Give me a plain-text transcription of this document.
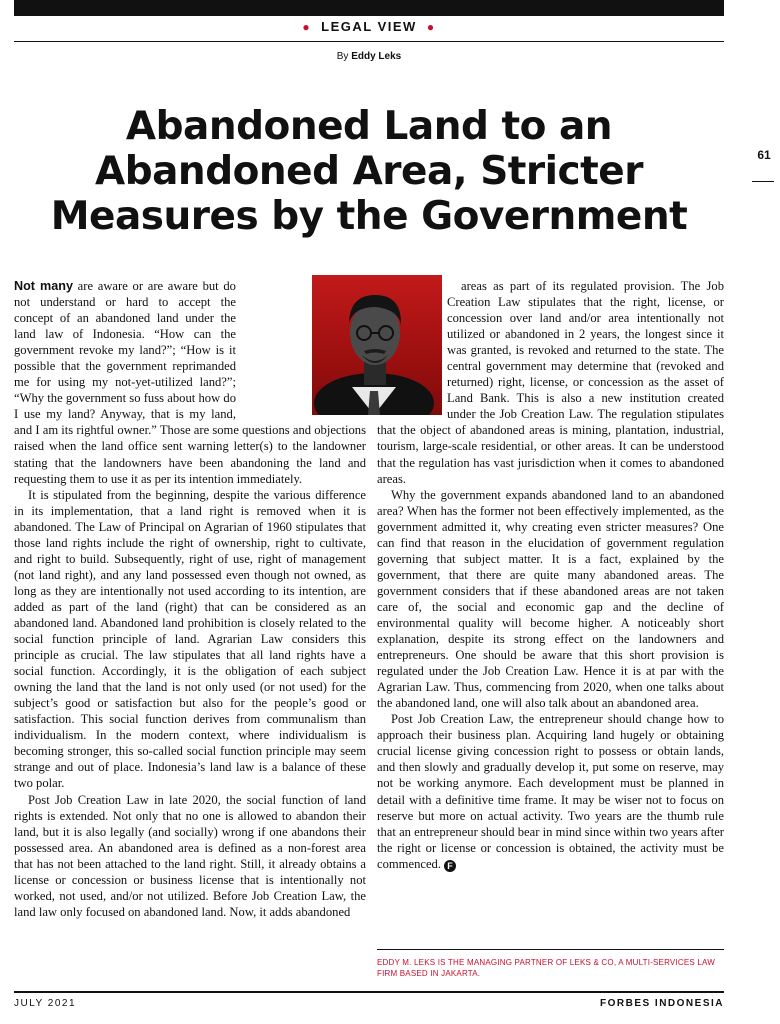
● LEGAL VIEW ●
By Eddy Leks
Abandoned Land to an Abandoned Area, Stricter Measures by the Government
61

Not many are aware or are aware but do not understand or hard to accept the concept of an abandoned land under the land law of Indonesia. “How can the government revoke my land?”; “How is it possible that the government reprimanded me for using my not-yet-utilized land?”; “Why the government so fuss about how do I use my land? Anyway, that is my land, and I am its rightful owner.” Those are some questions and objections raised when the land office sent warning letter(s) to the landowner stating that the landowners have been abandoning the land and requesting them to use it as per its intention immediately.

It is stipulated from the beginning, despite the various difference in its implementation, that a land right is removed when it is abandoned. The Law of Principal on Agrarian of 1960 stipulates that those land rights include the right of ownership, right to cultivate, and right to build. Subsequently, right of use, right of management (not land right), and any land possessed even though not owned, as long as they are intentionally not used according to its intention, are added as part of the land (right) that can be considered as an abandoned land. Abandoned land prohibition is closely related to the social function principle of land. Agrarian Law considers this principle as crucial. The law stipulates that all land rights have a social function. Accordingly, it is the obligation of each subject owning the land that the land is not only used (or not used) for the subject’s good or satisfaction but also for the people’s good or satisfaction. This social function derives from communalism than individualism. In the modern context, where individualism is becoming stronger, this so-called social function principle may seem strange and out of place. Indonesia’s land law is a balance of these two polar.

Post Job Creation Law in late 2020, the social function of land rights is extended. Not only that no one is allowed to abandon their land, but it is also legally (and socially) wrong if one abandons their possessed area. An abandoned area is defined as a non-forest area that has not been attached to the land right. Still, it already obtains a license or concession or business license that is intentionally not worked, not used, and/or not utilized. Before Job Creation Law, the land law only focused on abandoned land. Now, it adds abandoned

areas as part of its regulated provision. The Job Creation Law stipulates that the right, license, or concession over land and/or area intentionally not utilized or abandoned in 2 years, the longest since it was granted, is revoked and returned to the state. The central government may determine that (revoked and returned) right, license, or concession as the asset of Land Bank. This is also a new institution created under the Job Creation Law. The regulation stipulates that the object of abandoned areas is mining, plantation, industrial, tourism, large-scale residential, or other areas. It can be understood that the regulation has vast jurisdiction when it comes to abandoned areas.

Why the government expands abandoned land to an abandoned area? When has the former not been effectively implemented, as the government admitted it, why creating even stricter measures? One can find that reason in the elucidation of government regulation governing that subject matter. It is a fact, explained by the government, that there are quite many abandoned areas. The government considers that if these abandoned areas are not taken care of, the social and economic gap and the decline of environmental quality will become higher. A noticeably short explanation, despite its strong effect on the landowners and entrepreneurs. One should be aware that this short provision is regulated under the Job Creation Law. Hence it is at par with the Agrarian Law. Thus, commencing from 2020, when one talks about the abandoned land, one will also talk about an abandoned area.

Post Job Creation Law, the entrepreneur should change how to approach their business plan. Acquiring land hugely or obtaining crucial license giving concession right to possess or obtain lands, and then slowly and gradually develop it, put some on reserve, may not be working anymore. Each development must be planned in detail with a definitive time frame. It may be wiser not to focus on reserve but more on actual activity. Two years are the thumb rule that an entrepreneur should bear in mind since within two years after the right or license or concession is obtained, the activity must be commenced. F

EDDY M. LEKS IS THE MANAGING PARTNER OF LEKS & CO, A MULTI-SERVICES LAW FIRM BASED IN JAKARTA.
JULY 2021	FORBES INDONESIA
